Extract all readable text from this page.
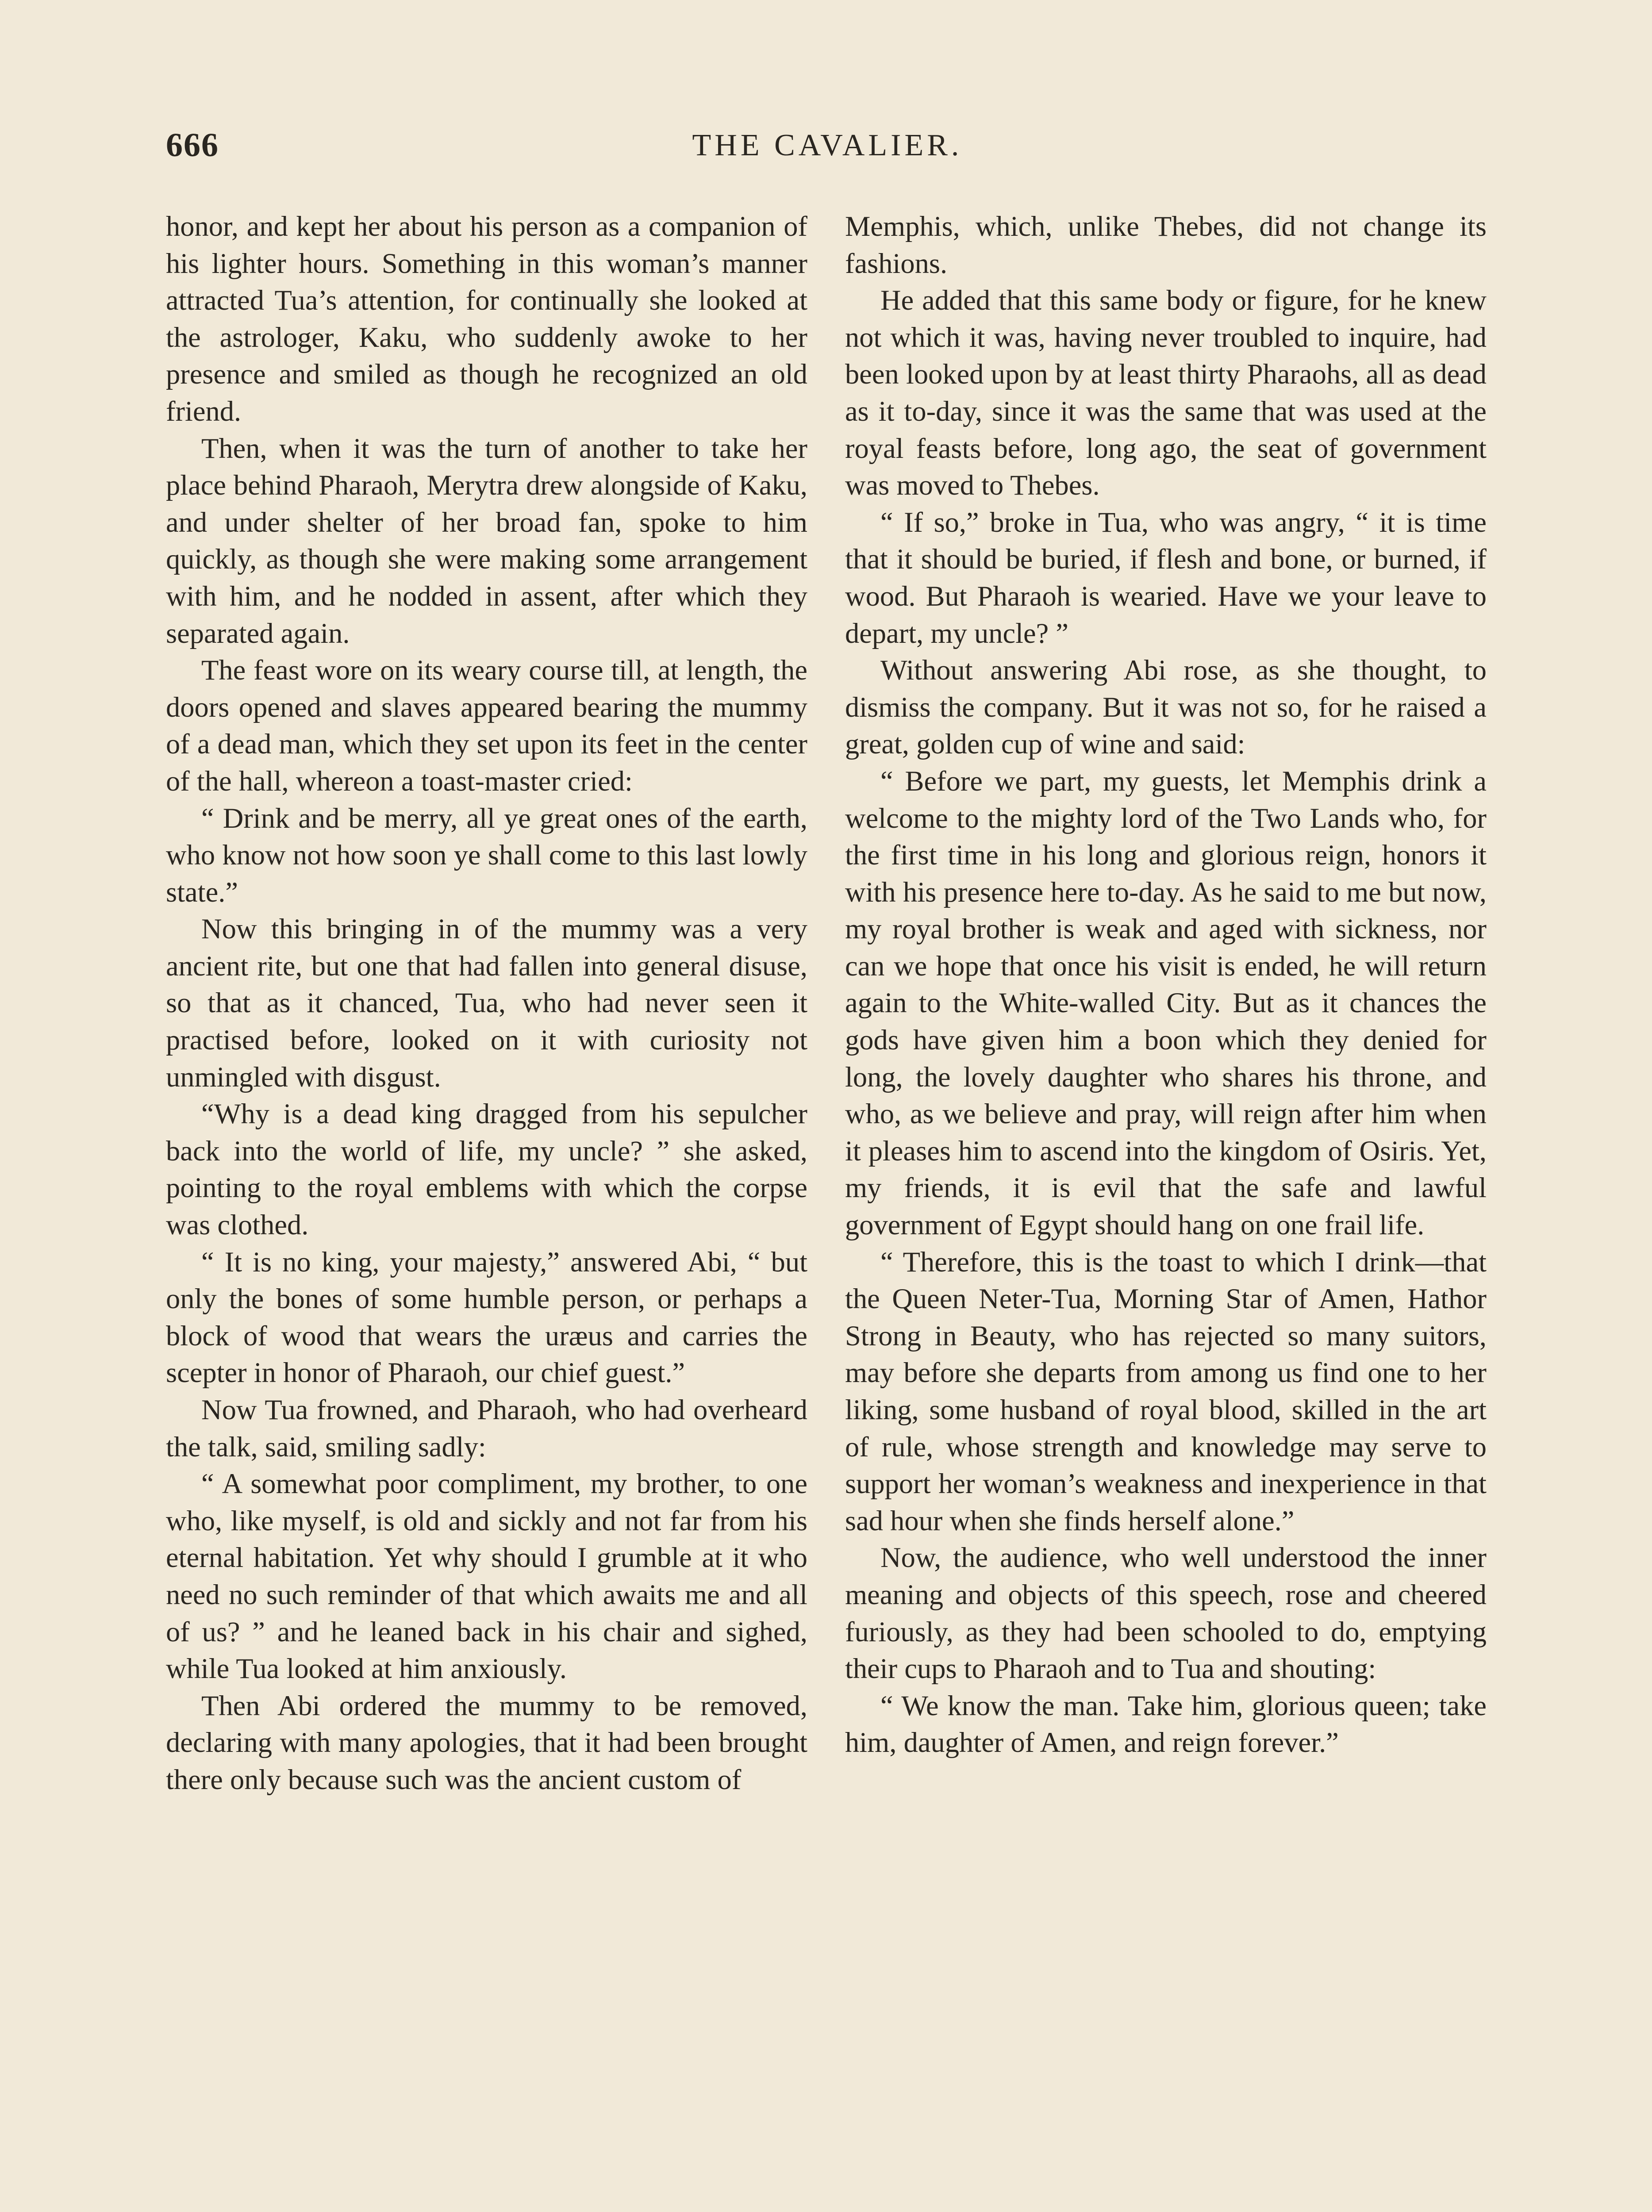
666	THE CAVALIER.

honor, and kept her about his person as a companion of his lighter hours. Something in this woman’s manner attracted Tua’s attention, for continually she looked at the astrologer, Kaku, who suddenly awoke to her presence and smiled as though he recognized an old friend.

Then, when it was the turn of another to take her place behind Pharaoh, Merytra drew alongside of Kaku, and under shelter of her broad fan, spoke to him quickly, as though she were making some arrangement with him, and he nodded in assent, after which they separated again.

The feast wore on its weary course till, at length, the doors opened and slaves appeared bearing the mummy of a dead man, which they set upon its feet in the center of the hall, whereon a toast-master cried:

“ Drink and be merry, all ye great ones of the earth, who know not how soon ye shall come to this last lowly state.”

Now this bringing in of the mummy was a very ancient rite, but one that had fallen into general disuse, so that as it chanced, Tua, who had never seen it practised before, looked on it with curiosity not unmingled with disgust.

“Why is a dead king dragged from his sepulcher back into the world of life, my uncle? ” she asked, pointing to the royal emblems with which the corpse was clothed.

“ It is no king, your majesty,” answered Abi, “ but only the bones of some humble person, or perhaps a block of wood that wears the uræus and carries the scepter in honor of Pharaoh, our chief guest.”

Now Tua frowned, and Pharaoh, who had overheard the talk, said, smiling sadly:

“ A somewhat poor compliment, my brother, to one who, like myself, is old and sickly and not far from his eternal habitation. Yet why should I grumble at it who need no such reminder of that which awaits me and all of us? ” and he leaned back in his chair and sighed, while Tua looked at him anxiously.

Then Abi ordered the mummy to be removed, declaring with many apologies, that it had been brought there only because such was the ancient custom of

Memphis, which, unlike Thebes, did not change its fashions.

He added that this same body or figure, for he knew not which it was, having never troubled to inquire, had been looked upon by at least thirty Pharaohs, all as dead as it to-day, since it was the same that was used at the royal feasts before, long ago, the seat of government was moved to Thebes.

“ If so,” broke in Tua, who was angry, “ it is time that it should be buried, if flesh and bone, or burned, if wood. But Pharaoh is wearied. Have we your leave to depart, my uncle? ”

Without answering Abi rose, as she thought, to dismiss the company. But it was not so, for he raised a great, golden cup of wine and said:

“ Before we part, my guests, let Memphis drink a welcome to the mighty lord of the Two Lands who, for the first time in his long and glorious reign, honors it with his presence here to-day. As he said to me but now, my royal brother is weak and aged with sickness, nor can we hope that once his visit is ended, he will return again to the White-walled City. But as it chances the gods have given him a boon which they denied for long, the lovely daughter who shares his throne, and who, as we believe and pray, will reign after him when it pleases him to ascend into the kingdom of Osiris. Yet, my friends, it is evil that the safe and lawful government of Egypt should hang on one frail life.

“ Therefore, this is the toast to which I drink—that the Queen Neter-Tua, Morning Star of Amen, Hathor Strong in Beauty, who has rejected so many suitors, may before she departs from among us find one to her liking, some husband of royal blood, skilled in the art of rule, whose strength and knowledge may serve to support her woman’s weakness and inexperience in that sad hour when she finds herself alone.”

Now, the audience, who well understood the inner meaning and objects of this speech, rose and cheered furiously, as they had been schooled to do, emptying their cups to Pharaoh and to Tua and shouting:

“ We know the man. Take him, glorious queen; take him, daughter of Amen, and reign forever.”
